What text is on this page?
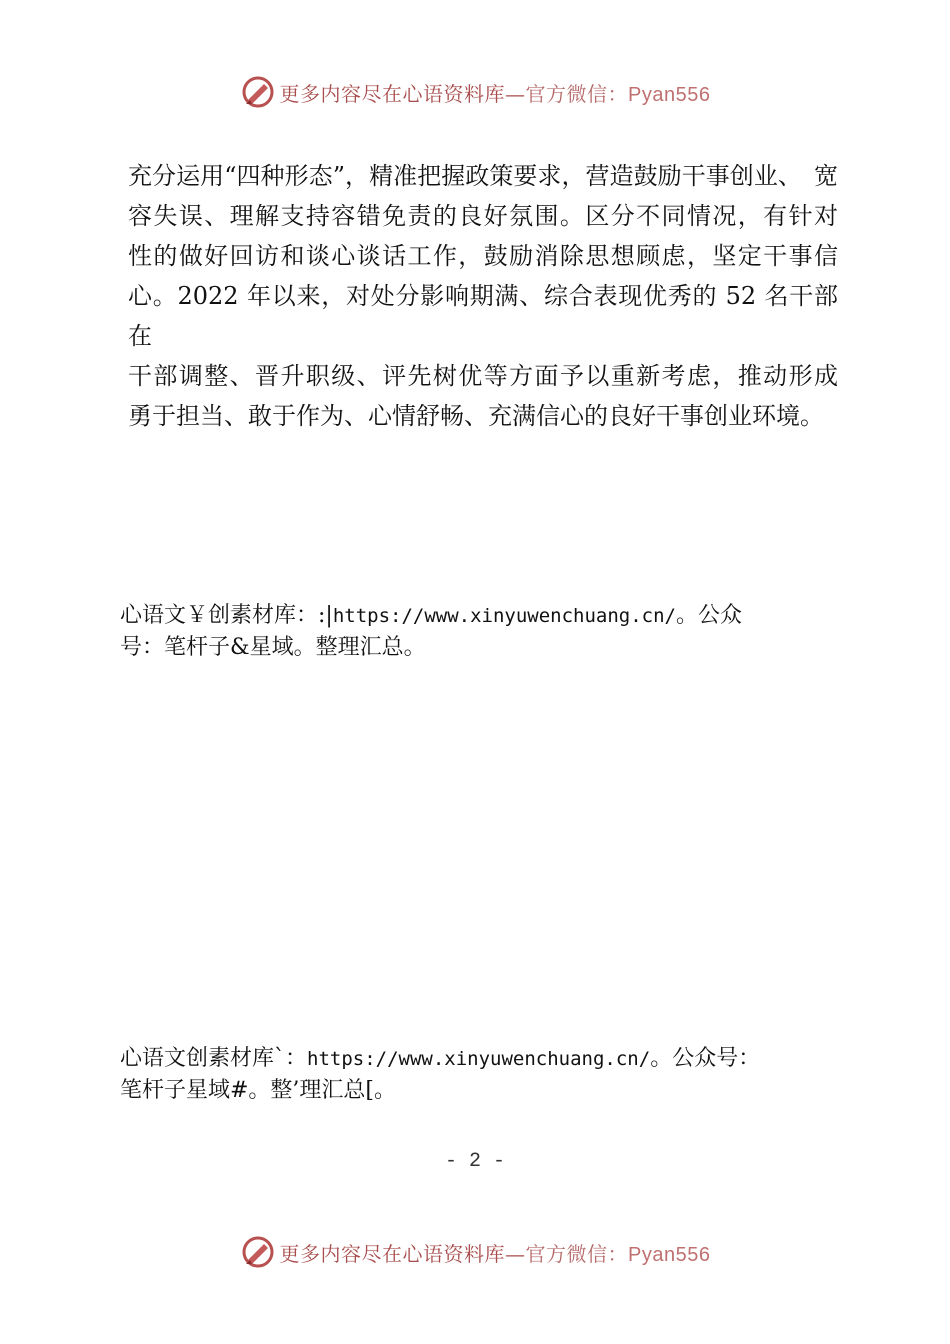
更多内容尽在心语资料库—官方微信：Pyan556
充分运用“四种形态”，精准把握政策要求，营造鼓励干事创业、　宽
容失误、理解支持容错免责的良好氛围。区分不同情况，有针对
性的做好回访和谈心谈话工作，鼓励消除思想顾虑，坚定干事信
心。2022 年以来，对处分影响期满、综合表现优秀的 52 名干部在
干部调整、晋升职级、评先树优等方面予以重新考虑，推动形成
勇于担当、敢于作为、心情舒畅、充满信心的良好干事创业环境。
心语文￥创素材库：:|https://www.xinyuwenchuang.cn/。公众
号：笔杆子&星域。整理汇总。
心语文创素材库`：https://www.xinyuwenchuang.cn/。公众号：
笔杆子星域#。整’理汇总[。
- 2 -
更多内容尽在心语资料库—官方微信：Pyan556
